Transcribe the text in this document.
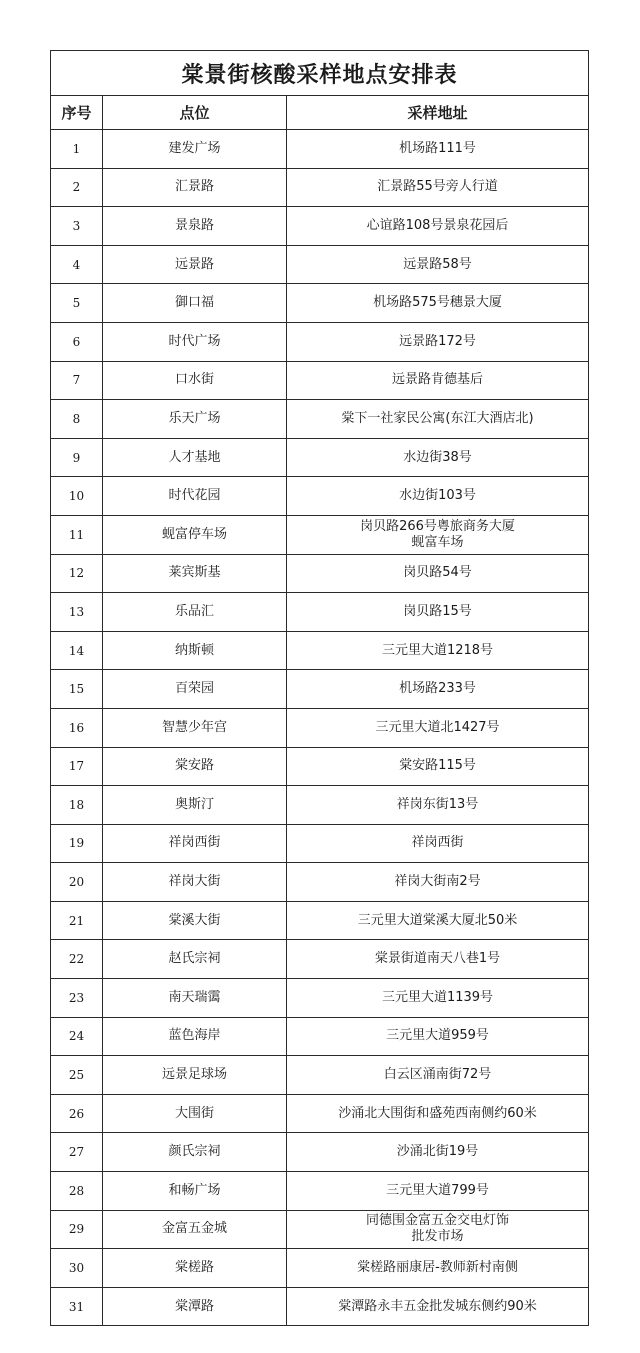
棠景街核酸采样地点安排表		
序号	点位	采样地址
1	建发广场	机场路111号

2	汇景路	汇景路55号旁人行道

3	景泉路	心谊路108号景泉花园后

4	远景路	远景路58号

5	御口福	机场路575号穗景大厦

6	时代广场	远景路172号

7	口水街	远景路肯德基后

8	乐天广场	棠下一社家民公寓(东江大酒店北)

9	人才基地	水边街38号

10	时代花园	水边街103号

11	蚬富停车场	岗贝路266号粤旅商务大厦
蚬富车场

12	莱宾斯基	岗贝路54号

13	乐品汇	岗贝路15号

14	纳斯顿	三元里大道1218号

15	百荣园	机场路233号

16	智慧少年宫	三元里大道北1427号

17	棠安路	棠安路115号

18	奥斯汀	祥岗东街13号

19	祥岗西街	祥岗西街

20	祥岗大街	祥岗大街南2号

21	棠溪大街	三元里大道棠溪大厦北50米

22	赵氏宗祠	棠景街道南天八巷1号

23	南天瑞霭	三元里大道1139号

24	蓝色海岸	三元里大道959号

25	远景足球场	白云区涌南街72号

26	大围街	沙涌北大围街和盛苑西南侧约60米

27	颜氏宗祠	沙涌北街19号

28	和畅广场	三元里大道799号

29	金富五金城	同德围金富五金交电灯饰
批发市场

30	棠槎路	棠槎路丽康居-教师新村南侧

31	棠潭路	棠潭路永丰五金批发城东侧约90米
